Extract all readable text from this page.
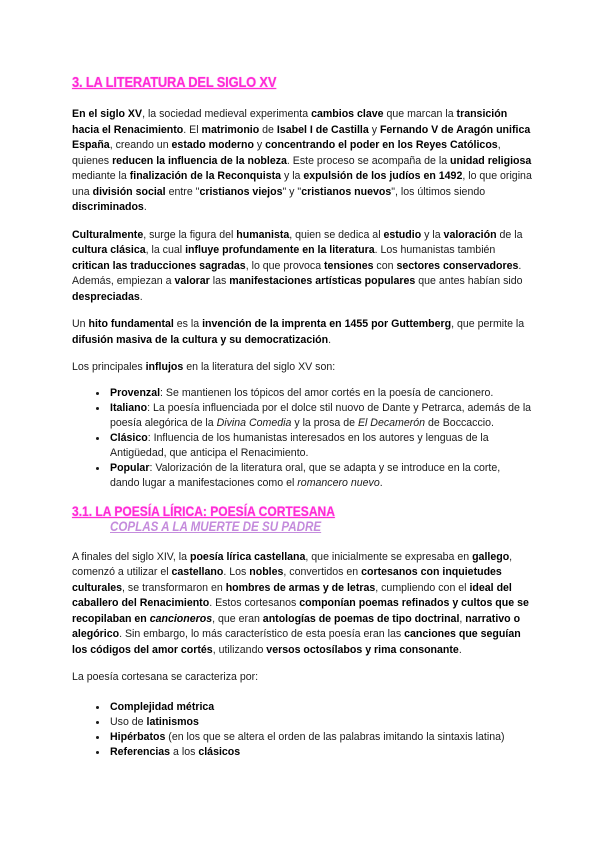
3. LA LITERATURA DEL SIGLO XV

En el siglo XV, la sociedad medieval experimenta cambios clave que marcan la transición hacia el Renacimiento. El matrimonio de Isabel I de Castilla y Fernando V de Aragón unifica España, creando un estado moderno y concentrando el poder en los Reyes Católicos, quienes reducen la influencia de la nobleza. Este proceso se acompaña de la unidad religiosa mediante la finalización de la Reconquista y la expulsión de los judíos en 1492, lo que origina una división social entre "cristianos viejos" y "cristianos nuevos", los últimos siendo discriminados.

Culturalmente, surge la figura del humanista, quien se dedica al estudio y la valoración de la cultura clásica, la cual influye profundamente en la literatura. Los humanistas también critican las traducciones sagradas, lo que provoca tensiones con sectores conservadores. Además, empiezan a valorar las manifestaciones artísticas populares que antes habían sido despreciadas.

Un hito fundamental es la invención de la imprenta en 1455 por Guttemberg, que permite la difusión masiva de la cultura y su democratización.

Los principales influjos en la literatura del siglo XV son:

• Provenzal: Se mantienen los tópicos del amor cortés en la poesía de cancionero.
• Italiano: La poesía influenciada por el dolce stil nuovo de Dante y Petrarca, además de la poesía alegórica de la Divina Comedia y la prosa de El Decamerón de Boccaccio.
• Clásico: Influencia de los humanistas interesados en los autores y lenguas de la Antigüedad, que anticipa el Renacimiento.
• Popular: Valorización de la literatura oral, que se adapta y se introduce en la corte, dando lugar a manifestaciones como el romancero nuevo.
3.1. LA POESÍA LÍRICA: POESÍA CORTESANA
COPLAS A LA MUERTE DE SU PADRE

A finales del siglo XIV, la poesía lírica castellana, que inicialmente se expresaba en gallego, comenzó a utilizar el castellano. Los nobles, convertidos en cortesanos con inquietudes culturales, se transformaron en hombres de armas y de letras, cumpliendo con el ideal del caballero del Renacimiento. Estos cortesanos componían poemas refinados y cultos que se recopilaban en cancioneros, que eran antologías de poemas de tipo doctrinal, narrativo o alegórico. Sin embargo, lo más característico de esta poesía eran las canciones que seguían los códigos del amor cortés, utilizando versos octosílabos y rima consonante.

La poesía cortesana se caracteriza por:

• Complejidad métrica
• Uso de latinismos
• Hipérbatos (en los que se altera el orden de las palabras imitando la sintaxis latina)
• Referencias a los clásicos
